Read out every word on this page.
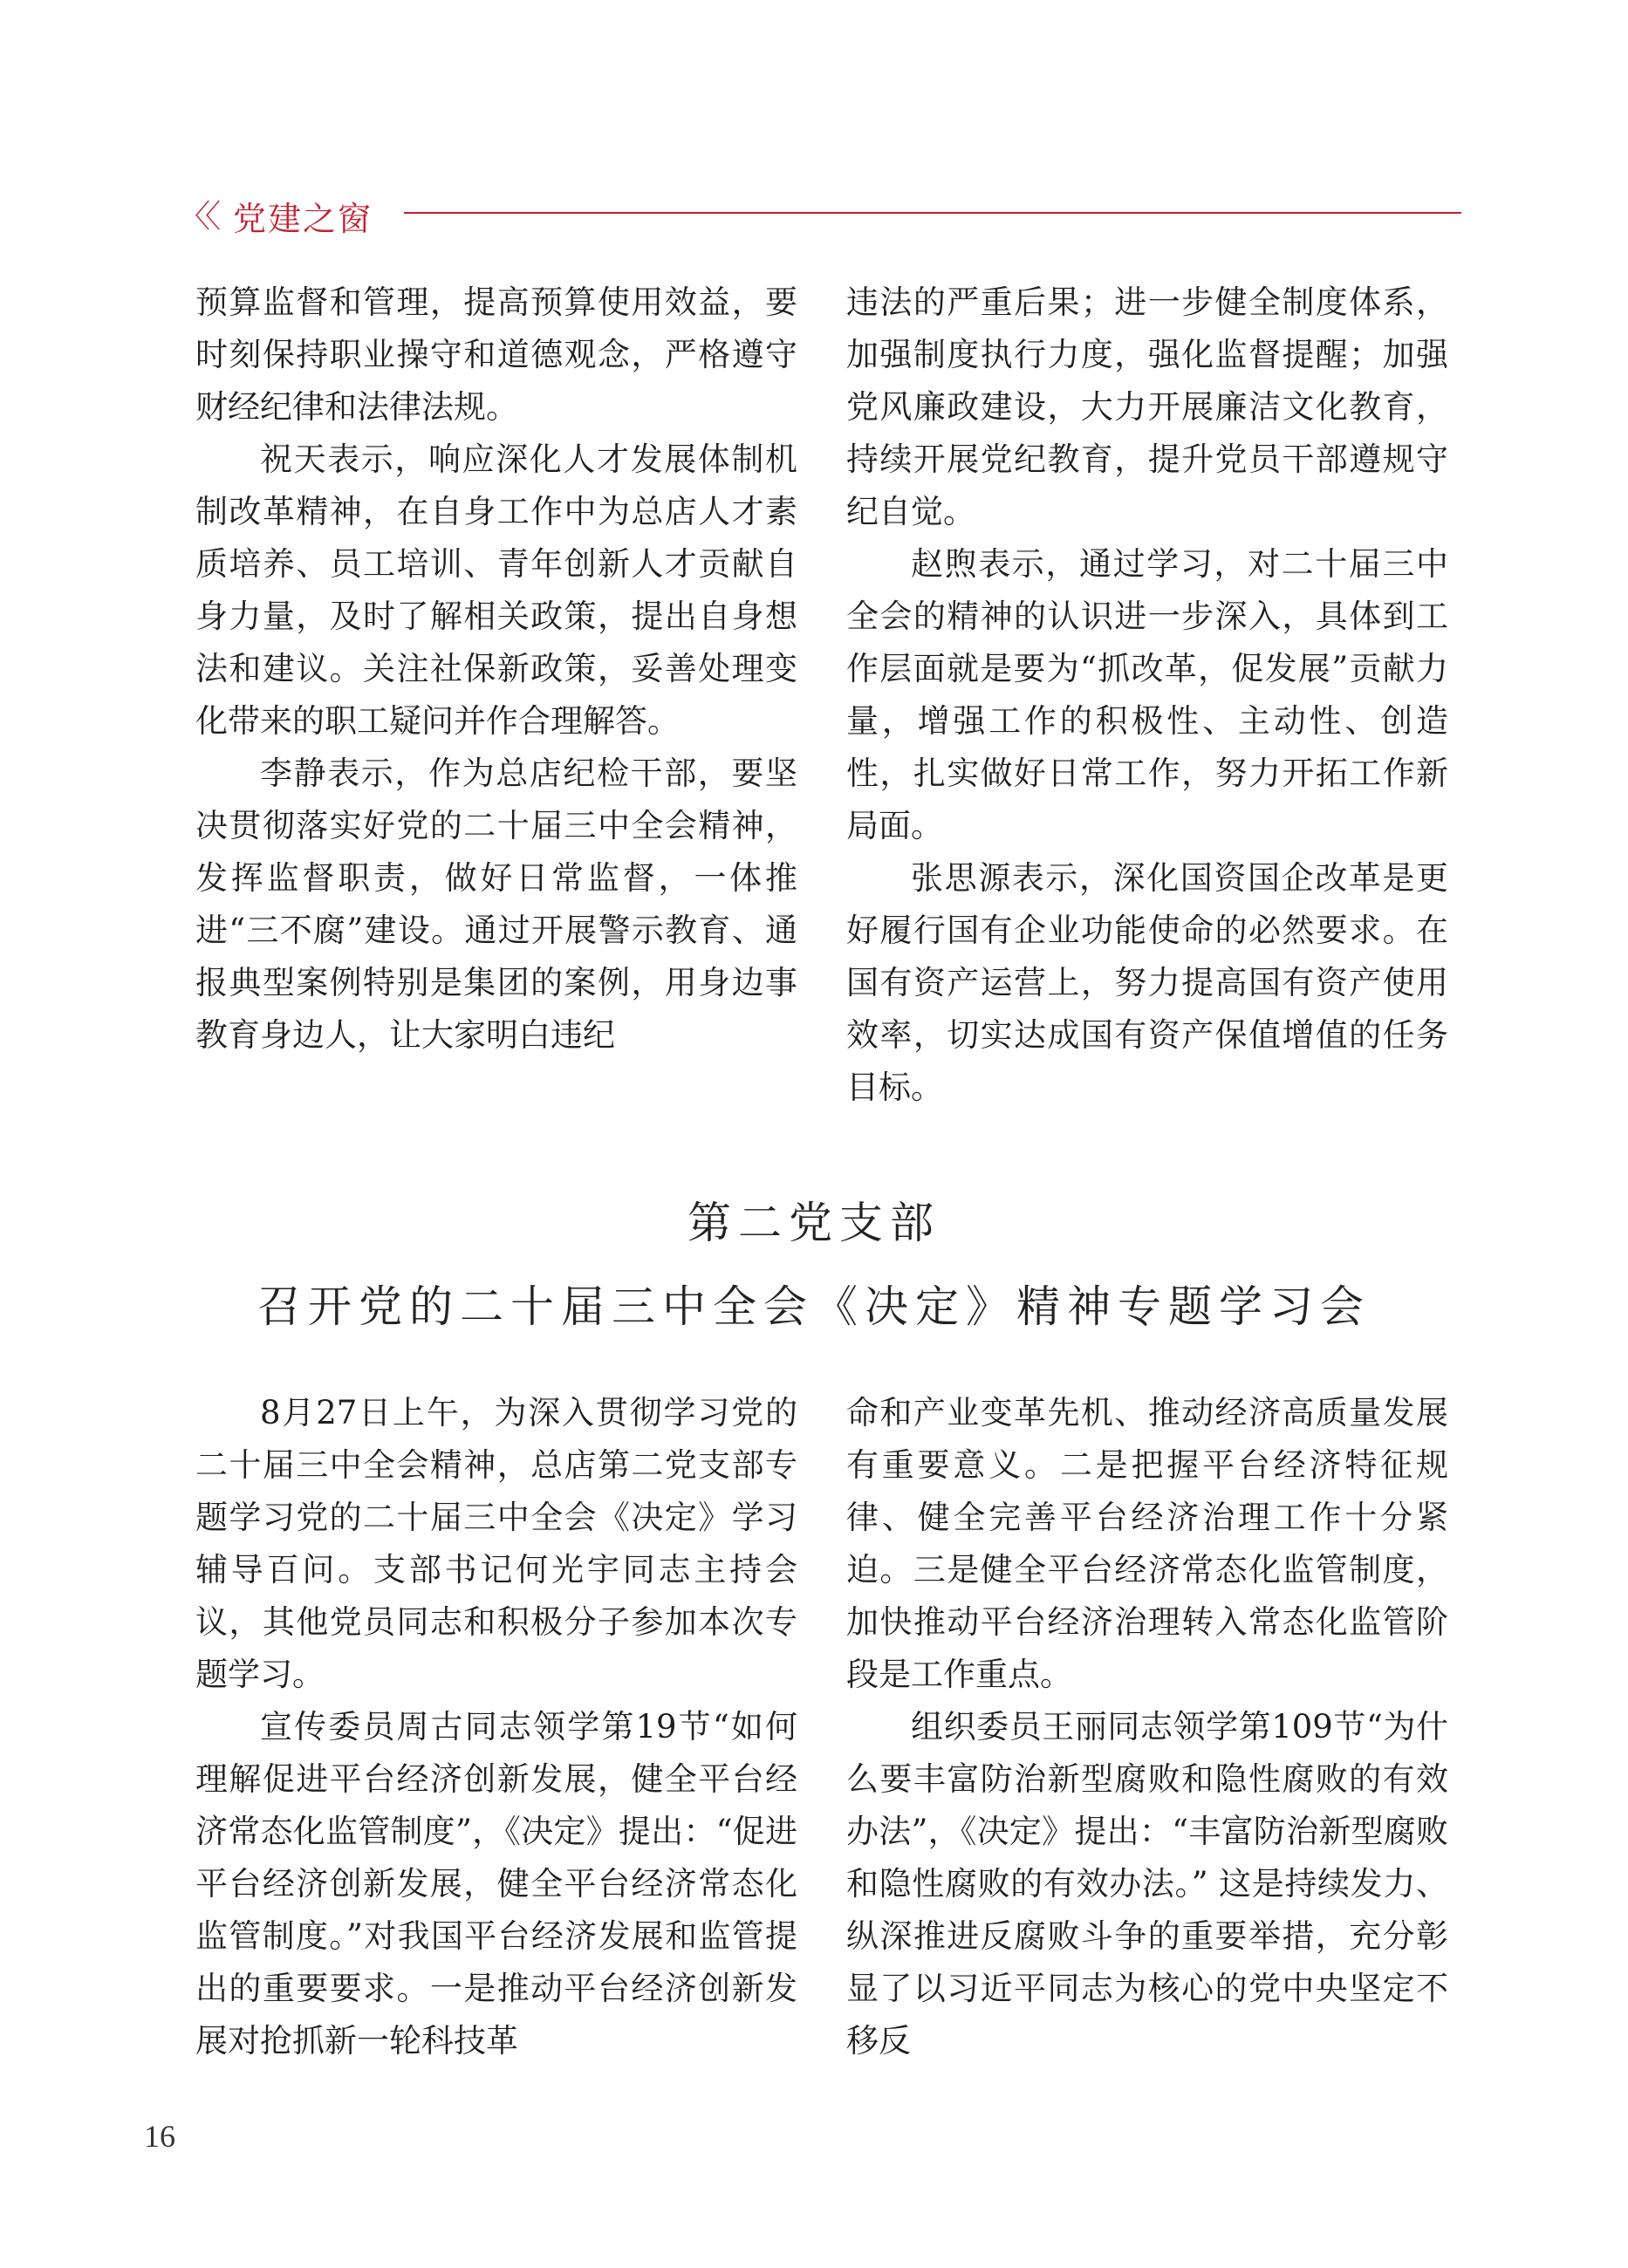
〈〈 党建之窗

预算监督和管理，提高预算使用效益，要时刻保持职业操守和道德观念，严格遵守财经纪律和法律法规。

祝天表示，响应深化人才发展体制机制改革精神，在自身工作中为总店人才素质培养、员工培训、青年创新人才贡献自身力量，及时了解相关政策，提出自身想法和建议。关注社保新政策，妥善处理变化带来的职工疑问并作合理解答。

李静表示，作为总店纪检干部，要坚决贯彻落实好党的二十届三中全会精神，发挥监督职责，做好日常监督，一体推进“三不腐”建设。通过开展警示教育、通报典型案例特别是集团的案例，用身边事教育身边人，让大家明白违纪

违法的严重后果；进一步健全制度体系，加强制度执行力度，强化监督提醒；加强党风廉政建设，大力开展廉洁文化教育，持续开展党纪教育，提升党员干部遵规守纪自觉。

赵煦表示，通过学习，对二十届三中全会的精神的认识进一步深入，具体到工作层面就是要为“抓改革，促发展”贡献力量，增强工作的积极性、主动性、创造性，扎实做好日常工作，努力开拓工作新局面。

张思源表示，深化国资国企改革是更好履行国有企业功能使命的必然要求。在国有资产运营上，努力提高国有资产使用效率，切实达成国有资产保值增值的任务目标。

第二党支部
召开党的二十届三中全会《决定》精神专题学习会

8月27日上午，为深入贯彻学习党的二十届三中全会精神，总店第二党支部专题学习党的二十届三中全会《决定》学习辅导百问。支部书记何光宇同志主持会议，其他党员同志和积极分子参加本次专题学习。

宣传委员周古同志领学第19节“如何理解促进平台经济创新发展，健全平台经济常态化监管制度”，《决定》提出：“促进平台经济创新发展，健全平台经济常态化监管制度。”对我国平台经济发展和监管提出的重要要求。一是推动平台经济创新发展对抢抓新一轮科技革

命和产业变革先机、推动经济高质量发展有重要意义。二是把握平台经济特征规律、健全完善平台经济治理工作十分紧迫。三是健全平台经济常态化监管制度，加快推动平台经济治理转入常态化监管阶段是工作重点。

组织委员王丽同志领学第109节“为什么要丰富防治新型腐败和隐性腐败的有效办法”，《决定》提出：“丰富防治新型腐败和隐性腐败的有效办法。” 这是持续发力、纵深推进反腐败斗争的重要举措，充分彰显了以习近平同志为核心的党中央坚定不移反

16
